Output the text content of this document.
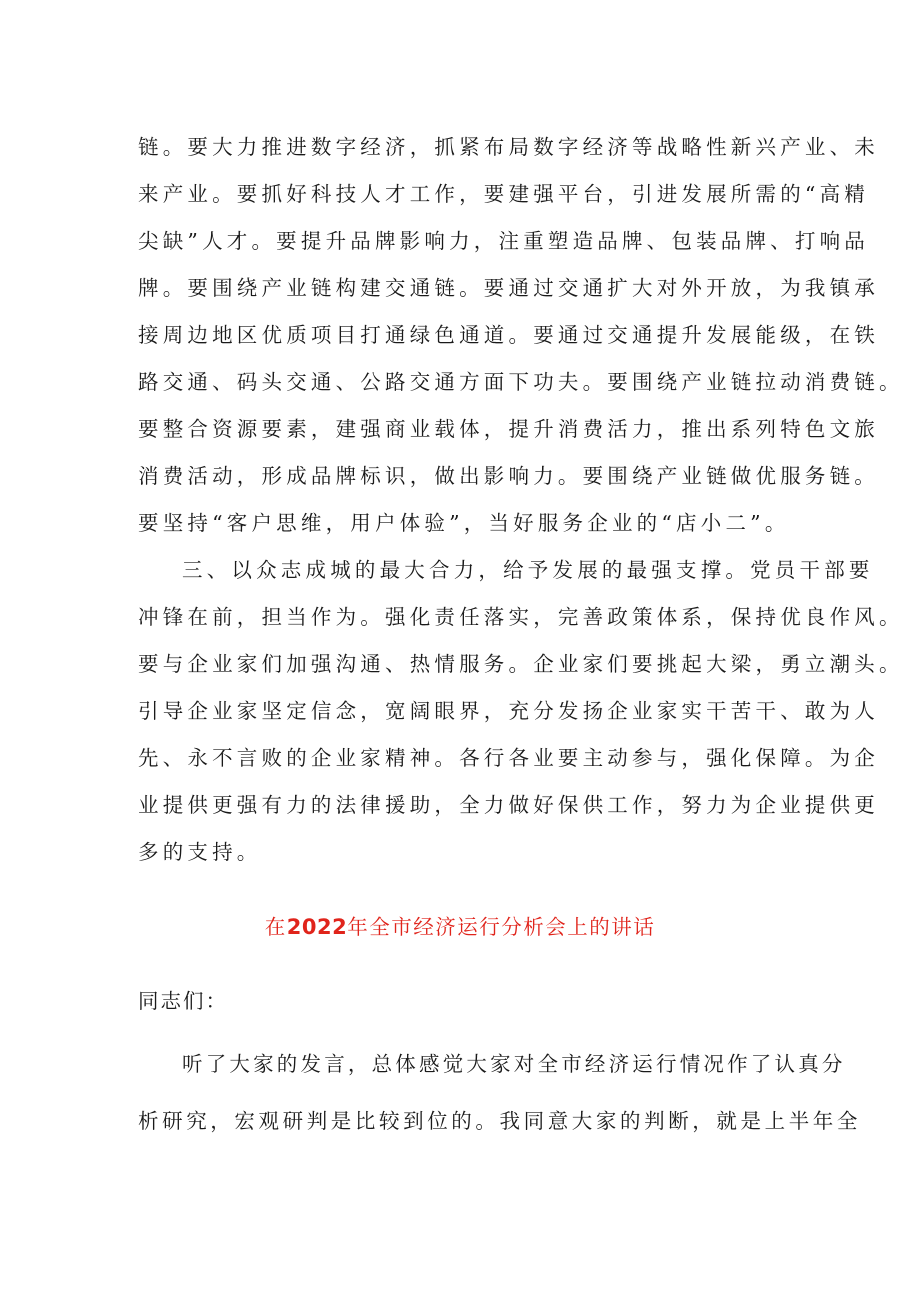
链。要大力推进数字经济，抓紧布局数字经济等战略性新兴产业、未
来产业。要抓好科技人才工作，要建强平台，引进发展所需的“高精
尖缺”人才。要提升品牌影响力，注重塑造品牌、包装品牌、打响品
牌。要围绕产业链构建交通链。要通过交通扩大对外开放，为我镇承
接周边地区优质项目打通绿色通道。要通过交通提升发展能级，在铁
路交通、码头交通、公路交通方面下功夫。要围绕产业链拉动消费链。
要整合资源要素，建强商业载体，提升消费活力，推出系列特色文旅
消费活动，形成品牌标识，做出影响力。要围绕产业链做优服务链。
要坚持“客户思维，用户体验”，当好服务企业的“店小二”。
三、以众志成城的最大合力，给予发展的最强支撑。党员干部要
冲锋在前，担当作为。强化责任落实，完善政策体系，保持优良作风。
要与企业家们加强沟通、热情服务。企业家们要挑起大梁，勇立潮头。
引导企业家坚定信念，宽阔眼界，充分发扬企业家实干苦干、敢为人
先、永不言败的企业家精神。各行各业要主动参与，强化保障。为企
业提供更强有力的法律援助，全力做好保供工作，努力为企业提供更
多的支持。
在2022年全市经济运行分析会上的讲话
同志们：
听了大家的发言，总体感觉大家对全市经济运行情况作了认真分
析研究，宏观研判是比较到位的。我同意大家的判断，就是上半年全
